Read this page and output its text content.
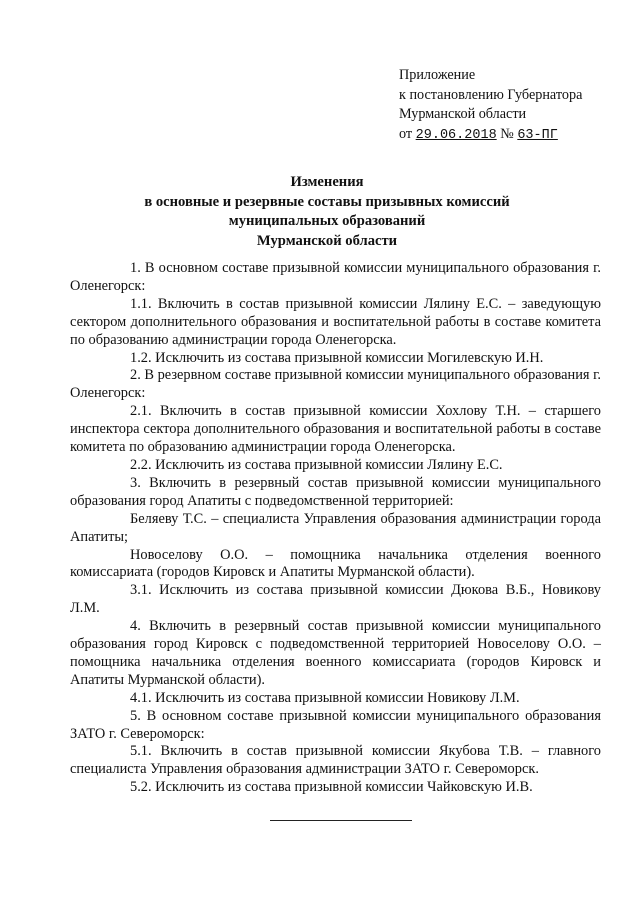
Приложение
к постановлению Губернатора
Мурманской области
от 29.06.2018 № 63-ПГ
Изменения
в основные и резервные составы призывных комиссий
муниципальных образований
Мурманской области

1. В основном составе призывной комиссии муниципального образования г. Оленегорск:

1.1. Включить в состав призывной комиссии Лялину Е.С. – заведующую сектором дополнительного образования и воспитательной работы в составе комитета по образованию администрации города Оленегорска.

1.2. Исключить из состава призывной комиссии Могилевскую И.Н.

2. В резервном составе призывной комиссии муниципального образования г. Оленегорск:

2.1. Включить в состав призывной комиссии Хохлову Т.Н. – старшего инспектора сектора дополнительного образования и воспитательной работы в составе комитета по образованию администрации города Оленегорска.

2.2. Исключить из состава призывной комиссии Лялину Е.С.

3. Включить в резервный состав призывной комиссии муниципального образования город Апатиты с подведомственной территорией:

Беляеву Т.С. – специалиста Управления образования администрации города Апатиты;

Новоселову О.О. – помощника начальника отделения военного комиссариата (городов Кировск и Апатиты Мурманской области).

3.1. Исключить из состава призывной комиссии Дюкова В.Б., Новикову Л.М.

4. Включить в резервный состав призывной комиссии муниципального образования город Кировск с подведомственной территорией Новоселову О.О. – помощника начальника отделения военного комиссариата (городов Кировск и Апатиты Мурманской области).

4.1. Исключить из состава призывной комиссии Новикову Л.М.

5. В основном составе призывной комиссии муниципального образования ЗАТО г. Североморск:

5.1. Включить в состав призывной комиссии Якубова Т.В. – главного специалиста Управления образования администрации ЗАТО г. Североморск.

5.2. Исключить из состава призывной комиссии Чайковскую И.В.
